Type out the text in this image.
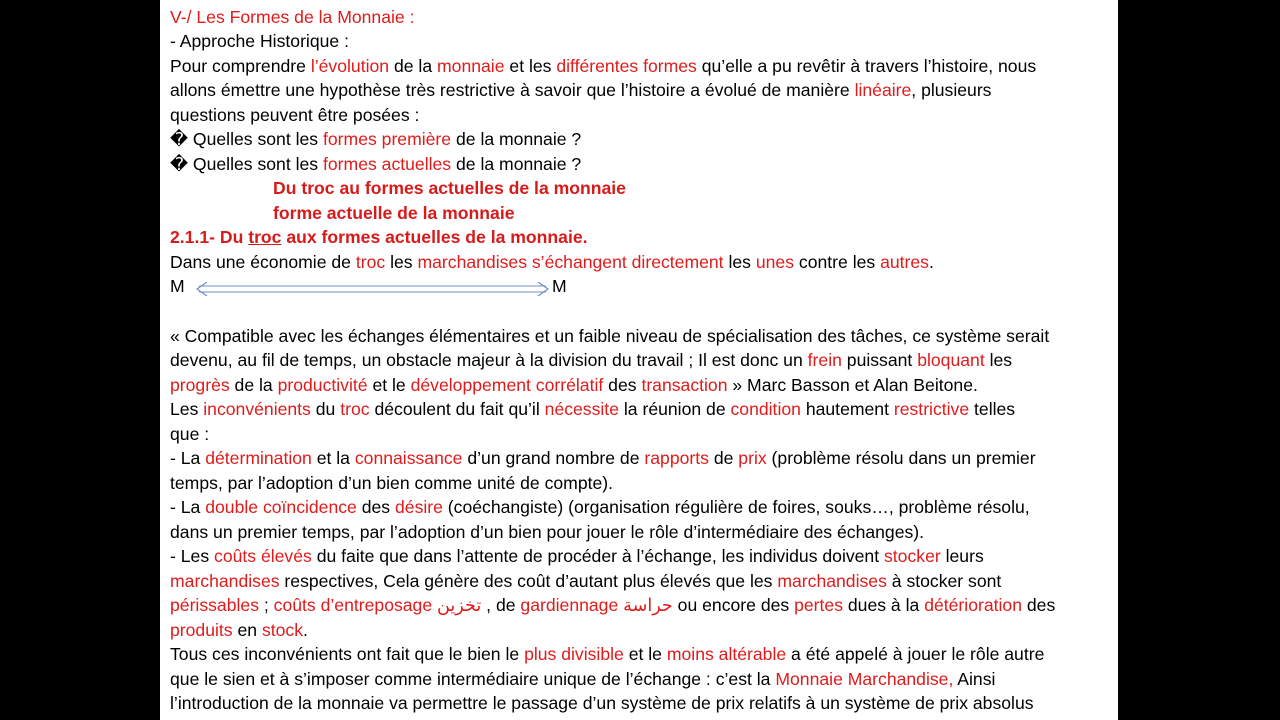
V-/ Les Formes de la Monnaie :
- Approche Historique :
Pour comprendre l’évolution de la monnaie et les différentes formes qu’elle a pu revêtir à travers l’histoire, nous
allons émettre une hypothèse très restrictive à savoir que l’histoire a évolué de manière linéaire, plusieurs
questions peuvent être posées :
� Quelles sont les formes première de la monnaie ?
� Quelles sont les formes actuelles de la monnaie ?
Du troc au formes actuelles de la monnaie
forme actuelle de la monnaie
2.1.1- Du troc aux formes actuelles de la monnaie.
Dans une économie de troc les marchandises s’échangent directement les unes contre les autres.
M	M
« Compatible avec les échanges élémentaires et un faible niveau de spécialisation des tâches, ce système serait
devenu, au fil de temps, un obstacle majeur à la division du travail ; Il est donc un frein puissant bloquant les
progrès de la productivité et le développement corrélatif des transaction » Marc Basson et Alan Beitone.
Les inconvénients du troc découlent du fait qu’il nécessite la réunion de condition hautement restrictive telles
que :
- La détermination et la connaissance d’un grand nombre de rapports de prix (problème résolu dans un premier
temps, par l’adoption d’un bien comme unité de compte).
- La double coïncidence des désire (coéchangiste) (organisation régulière de foires, souks…, problème résolu,
dans un premier temps, par l’adoption d’un bien pour jouer le rôle d’intermédiaire des échanges).
- Les coûts élevés du faite que dans l’attente de procéder à l’échange, les individus doivent stocker leurs
marchandises respectives, Cela génère des coût d’autant plus élevés que les marchandises à stocker sont
périssables ; coûts d’entreposage تخزين , de gardiennage حراسة ou encore des pertes dues à la détérioration des
produits en stock.
Tous ces inconvénients ont fait que le bien le plus divisible et le moins altérable a été appelé à jouer le rôle autre
que le sien et à s’imposer comme intermédiaire unique de l’échange : c’est la Monnaie Marchandise, Ainsi
l’introduction de la monnaie va permettre le passage d’un système de prix relatifs à un système de prix absolus
